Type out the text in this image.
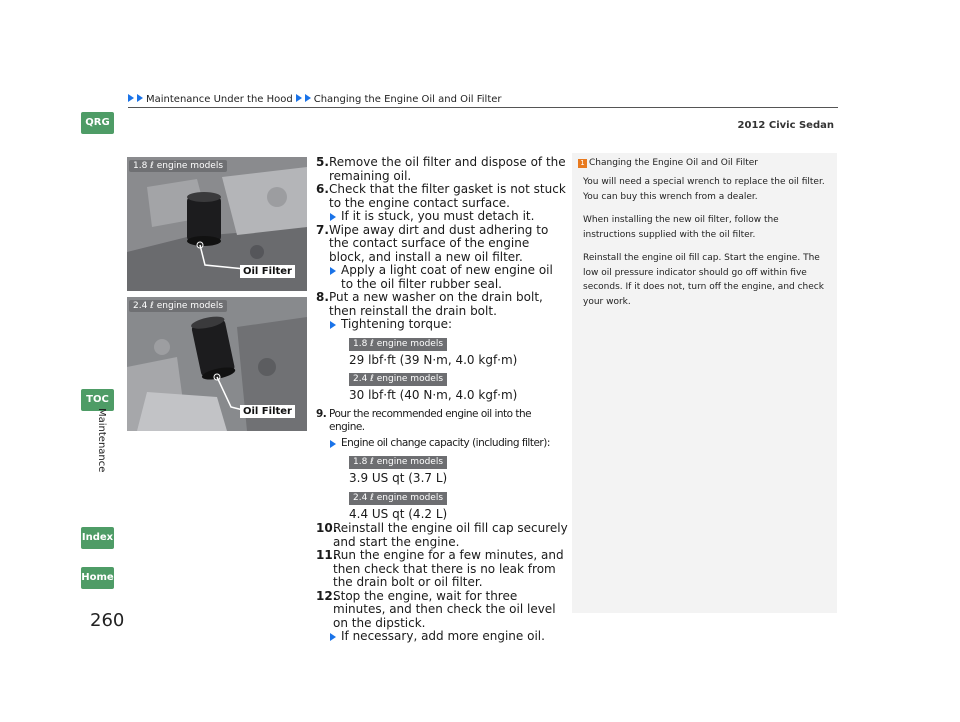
Maintenance Under the Hood Changing the Engine Oil and Oil Filter
2012 Civic Sedan
QRG
TOC
Maintenance
Index
Home
260
1.8 ℓ engine models
Oil Filter
2.4 ℓ engine models
Oil Filter

5. Remove the oil filter and dispose of the remaining oil.

6. Check that the filter gasket is not stuck to the engine contact surface.

If it is stuck, you must detach it.

7. Wipe away dirt and dust adhering to the contact surface of the engine block, and install a new oil filter.

Apply a light coat of new engine oil to the oil filter rubber seal.

8. Put a new washer on the drain bolt, then reinstall the drain bolt.

Tightening torque:

1.8 ℓ engine models

29 lbf·ft (39 N·m, 4.0 kgf·m)

2.4 ℓ engine models

30 lbf·ft (40 N·m, 4.0 kgf·m)

9. Pour the recommended engine oil into the engine.

Engine oil change capacity (including filter):

1.8 ℓ engine models

3.9 US qt (3.7 L)

2.4 ℓ engine models

4.4 US qt (4.2 L)

10.
Reinstall the engine oil fill cap securely and start the engine.

11.
Run the engine for a few minutes, and then check that there is no leak from the drain bolt or oil filter.

12.
Stop the engine, wait for three minutes, and then check the oil level on the dipstick.

If necessary, add more engine oil.

1 Changing the Engine Oil and Oil Filter

You will need a special wrench to replace the oil filter. You can buy this wrench from a dealer.

When installing the new oil filter, follow the instructions supplied with the oil filter.

Reinstall the engine oil fill cap. Start the engine. The low oil pressure indicator should go off within five seconds. If it does not, turn off the engine, and check your work.
